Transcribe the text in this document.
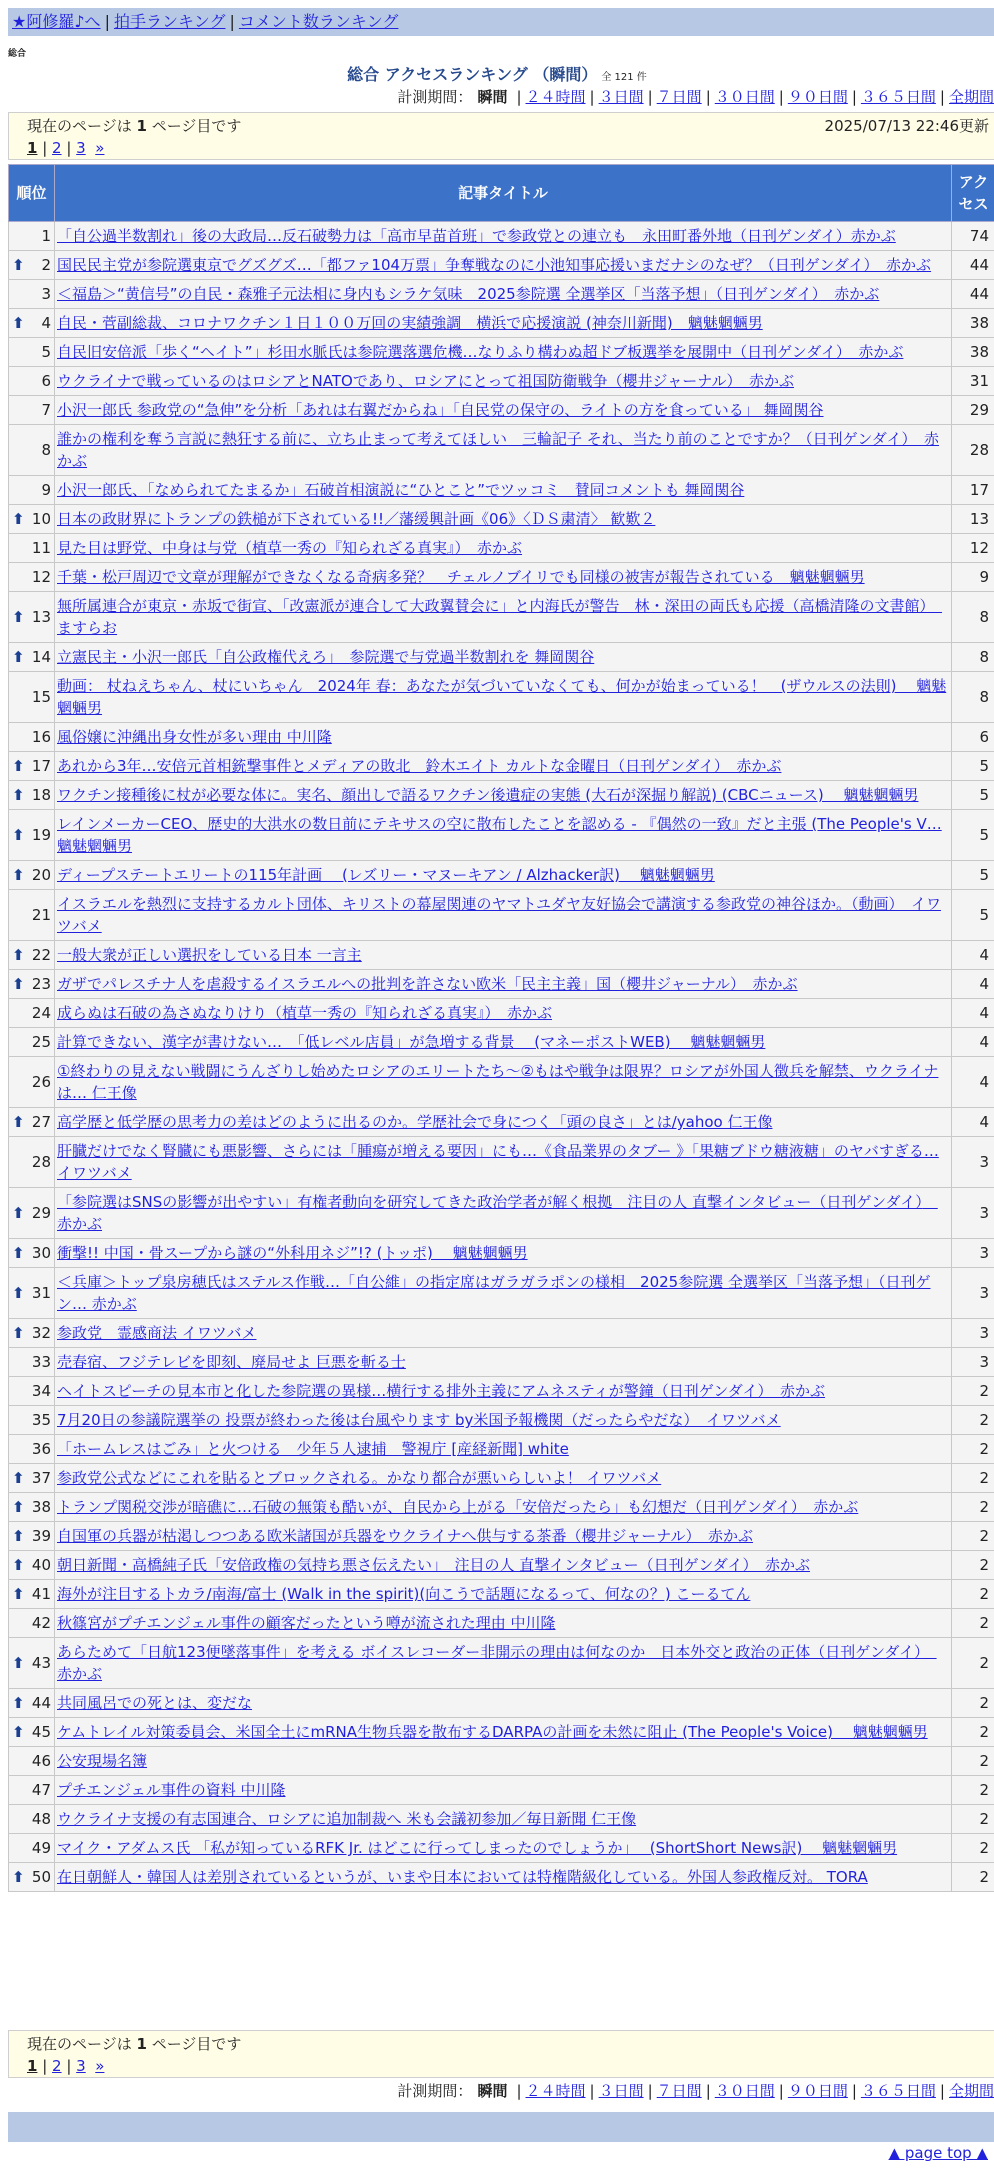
★阿修羅♪へ | 拍手ランキング | コメント数ランキング
総合
総合 アクセスランキング （瞬間） 全 121 件
計測期間： 瞬間 | ２４時間 | ３日間 | ７日間 | ３０日間 | ９０日間 | ３６５日間 | 全期間
現在のページは 1 ページ目です	2025/07/13 22:46更新
1 | 2 | 3 »
順位	記事タイトル	アクセス
1	「自公過半数割れ」後の大政局…反石破勢力は「高市早苗首班」で参政党との連立も　永田町番外地（日刊ゲンダイ）赤かぶ	74

⬆ 2	国民民主党が参院選東京でグズグズ…「都ファ104万票」争奪戦なのに小池知事応援いまだナシのなぜ？（日刊ゲンダイ）　赤かぶ	44
3	＜福島＞“黄信号”の自民・森雅子元法相に身内もシラケ気味　2025参院選 全選挙区「当落予想」（日刊ゲンダイ）　赤かぶ	44

⬆ 4	自民・菅副総裁、コロナワクチン１日１００万回の実績強調　横浜で応援演説 (神奈川新聞)　魑魅魍魎男	38
5	自民旧安倍派「歩く“ヘイト”」杉田水脈氏は参院選落選危機…なりふり構わぬ超ドブ板選挙を展開中（日刊ゲンダイ）　赤かぶ	38
6	ウクライナで戦っているのはロシアとNATOであり、ロシアにとって祖国防衛戦争（櫻井ジャーナル）　赤かぶ	31
7	小沢一郎氏 参政党の“急伸”を分析「あれは右翼だからね」「自民党の保守の、ライトの方を食っている」 舞岡関谷	29
8	誰かの権利を奪う言説に熱狂する前に、立ち止まって考えてほしい　三輪記子 それ、当たり前のことですか？（日刊ゲンダイ）　赤かぶ	28
9	小沢一郎氏、「なめられてたまるか」石破首相演説に“ひとこと”でツッコミ　賛同コメントも 舞岡関谷	17

⬆ 10	日本の政財界にトランプの鉄槌が下されている!!／藩缓興計画《06》〈ＤＳ粛清〉 歓歎２	13
11	見た目は野党、中身は与党（植草一秀の『知られざる真実』）　赤かぶ	12
12	千葉・松戸周辺で文章が理解ができなくなる奇病多発？　チェルノブイリでも同様の被害が報告されている　魑魅魍魎男	9

⬆ 13	無所属連合が東京・赤坂で街宣、「改憲派が連合して大政翼賛会に」と内海氏が警告　林・深田の両氏も応援（高橋清隆の文書館）　ますらお	8

⬆ 14	立憲民主・小沢一郎氏「自公政権代えろ」　参院選で与党過半数割れを 舞岡関谷	8
15	動画： 杖ねえちゃん、杖にいちゃん　2024年 春：あなたが気づいていなくても、何かが始まっている！　(ザウルスの法則)　 魑魅魍魎男	8
16	風俗嬢に沖縄出身女性が多い理由 中川隆	6

⬆ 17	あれから3年…安倍元首相銃撃事件とメディアの敗北　鈴木エイト カルトな金曜日（日刊ゲンダイ）　赤かぶ	5

⬆ 18	ワクチン接種後に杖が必要な体に。実名、顔出しで語るワクチン後遺症の実態 (大石が深掘り解説) (CBCニュース)　 魑魅魍魎男	5

⬆ 19	レインメーカーCEO、歴史的大洪水の数日前にテキサスの空に散布したことを認める - 『偶然の一致』だと主張 (The People's V… 魑魅魍魎男	5

⬆ 20	ディープステートエリートの115年計画　 (レズリー・マヌーキアン / Alzhacker訳)　 魑魅魍魎男	5
21	イスラエルを熱烈に支持するカルト団体、キリストの幕屋関連のヤマトユダヤ友好協会で講演する参政党の神谷ほか。（動画）　イワツバメ	5

⬆ 22	一般大衆が正しい選択をしている日本 一言主	4

⬆ 23	ガザでパレスチナ人を虐殺するイスラエルへの批判を許さない欧米「民主主義」国（櫻井ジャーナル）　赤かぶ	4
24	成らぬは石破の為さぬなりけり（植草一秀の『知られざる真実』）　赤かぶ	4
25	計算できない、漢字が書けない…　「低レベル店員」が急増する背景　 (マネーポストWEB)　 魑魅魍魎男	4
26	①終わりの見えない戦闘にうんざりし始めたロシアのエリートたち～②もはや戦争は限界？ロシアが外国人徴兵を解禁、ウクライナは… 仁王像	4

⬆ 27	高学歴と低学歴の思考力の差はどのように出るのか。学歴社会で身につく「頭の良さ」とは/yahoo 仁王像	4
28	肝臓だけでなく腎臓にも悪影響、さらには「腫瘍が増える要因」にも…《食品業界のタブー 》「果糖ブドウ糖液糖」のヤバすぎる… イワツバメ	3

⬆ 29	「参院選はSNSの影響が出やすい」有権者動向を研究してきた政治学者が解く根拠　注目の人 直撃インタビュー（日刊ゲンダイ）　赤かぶ	3

⬆ 30	衝撃!! 中国・骨スープから謎の“外科用ネジ”!? (トッポ)　 魑魅魍魎男	3

⬆ 31	＜兵庫＞トップ泉房穂氏はステルス作戦…「自公維」の指定席はガラガラポンの様相　2025参院選 全選挙区「当落予想」（日刊ゲン… 赤かぶ	3

⬆ 32	参政党　霊感商法 イワツバメ	3
33	売春宿、フジテレビを即刻、廃局せよ 巨悪を斬る士	3
34	ヘイトスピーチの見本市と化した参院選の異様…横行する排外主義にアムネスティが警鐘（日刊ゲンダイ）　赤かぶ	2
35	7月20日の参議院選挙の 投票が終わった後は台風やります by米国予報機関（だったらやだな）　イワツバメ	2
36	「ホームレスはごみ」と火つける　少年５人逮捕　警視庁 [産経新聞] white	2

⬆ 37	参政党公式などにこれを貼るとブロックされる。かなり都合が悪いらしいよ！ イワツバメ	2

⬆ 38	トランプ関税交渉が暗礁に…石破の無策も酷いが、自民から上がる「安倍だったら」も幻想だ（日刊ゲンダイ）　赤かぶ	2

⬆ 39	自国軍の兵器が枯渇しつつある欧米諸国が兵器をウクライナへ供与する茶番（櫻井ジャーナル）　赤かぶ	2

⬆ 40	朝日新聞・高橋純子氏「安倍政権の気持ち悪さ伝えたい」　注目の人 直撃インタビュー（日刊ゲンダイ）　赤かぶ	2

⬆ 41	海外が注目するトカラ/南海/富士 (Walk in the spirit)(向こうで話題になるって、何なの？) こーるてん	2
42	秋篠宮がプチエンジェル事件の顧客だったという噂が流された理由 中川隆	2

⬆ 43	あらためて「日航123便墜落事件」を考える ボイスレコーダー非開示の理由は何なのか　日本外交と政治の正体（日刊ゲンダイ）　赤かぶ	2

⬆ 44	共同風呂での死とは、変だな	2

⬆ 45	ケムトレイル対策委員会、米国全土にmRNA生物兵器を散布するDARPAの計画を未然に阻止 (The People's Voice)　 魑魅魍魎男	2
46	公安現場名簿	2
47	プチエンジェル事件の資料 中川隆	2
48	ウクライナ支援の有志国連合、ロシアに追加制裁へ 米も会議初参加／毎日新聞 仁王像	2
49	マイク・アダムス氏 「私が知っているRFK Jr. はどこに行ってしまったのでしょうか」　 (ShortShort News訳)　 魑魅魍魎男	2

⬆ 50	在日朝鮮人・韓国人は差別されているというが、いまや日本においては特権階級化している。外国人参政権反対。 TORA	2
現在のページは 1 ページ目です
1 | 2 | 3 »
計測期間： 瞬間 | ２４時間 | ３日間 | ７日間 | ３０日間 | ９０日間 | ３６５日間 | 全期間
▲ page top ▲
